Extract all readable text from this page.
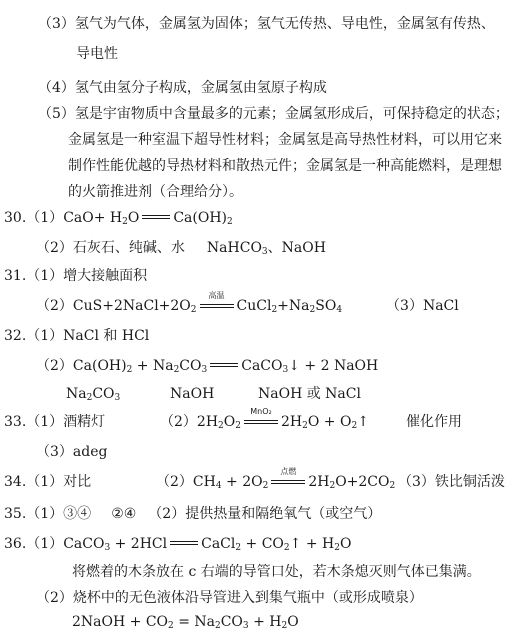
（3）氢气为气体，金属氢为固体；氢气无传热、导电性，金属氢有传热、
导电性
（4）氢气由氢分子构成，金属氢由氢原子构成
（5）氢是宇宙物质中含量最多的元素；金属氢形成后，可保持稳定的状态；
金属氢是一种室温下超导性材料；金属氢是高导热性材料，可以用它来
制作性能优越的导热材料和散热元件；金属氢是一种高能燃料，是理想
的火箭推进剂（合理给分）。
$30.(1)CaO+ H_2O$ $Ca(OH)_2$
（2）石灰石、纯碱、水 NaHCO$_3$、NaOH
31.（1）增大接触面积
$(2)CuS+2NaCl+2O_2$
高温
$CuCl_2+Na_2SO_4$	（3）NaCl
32.（1）NaCl 和 HCl
$(2)Ca(OH)_2 + Na_2CO_3$ CaCO$_3$↓ + 2 NaOH
$Na_2CO_3$	NaOH	NaOH 或 NaCl
33.（1）酒精灯	$(2)2H_2O_2$
MnO₂
$2H_2O$ + $O_2↑$	催化作用
（3）adeg
34.（1）对比	$(2)CH_4 + 2O_2$
点燃
$2H_2O+2CO_2$ （3）铁比铜活泼
35.（1）③④ ②④ （2）提供热量和隔绝氧气（或空气）
36.（1）CaCO$_3$ + 2HCl CaCl$_2$ + $CO_2↑ + H_2O$
将燃着的木条放在 c 右端的导管口处，若木条熄灭则气体已集满。
（2）烧杯中的无色液体沿导管进入到集气瓶中（或形成喷泉）
2NaOH + $CO_2 = Na_2CO_3 + H_2O$
